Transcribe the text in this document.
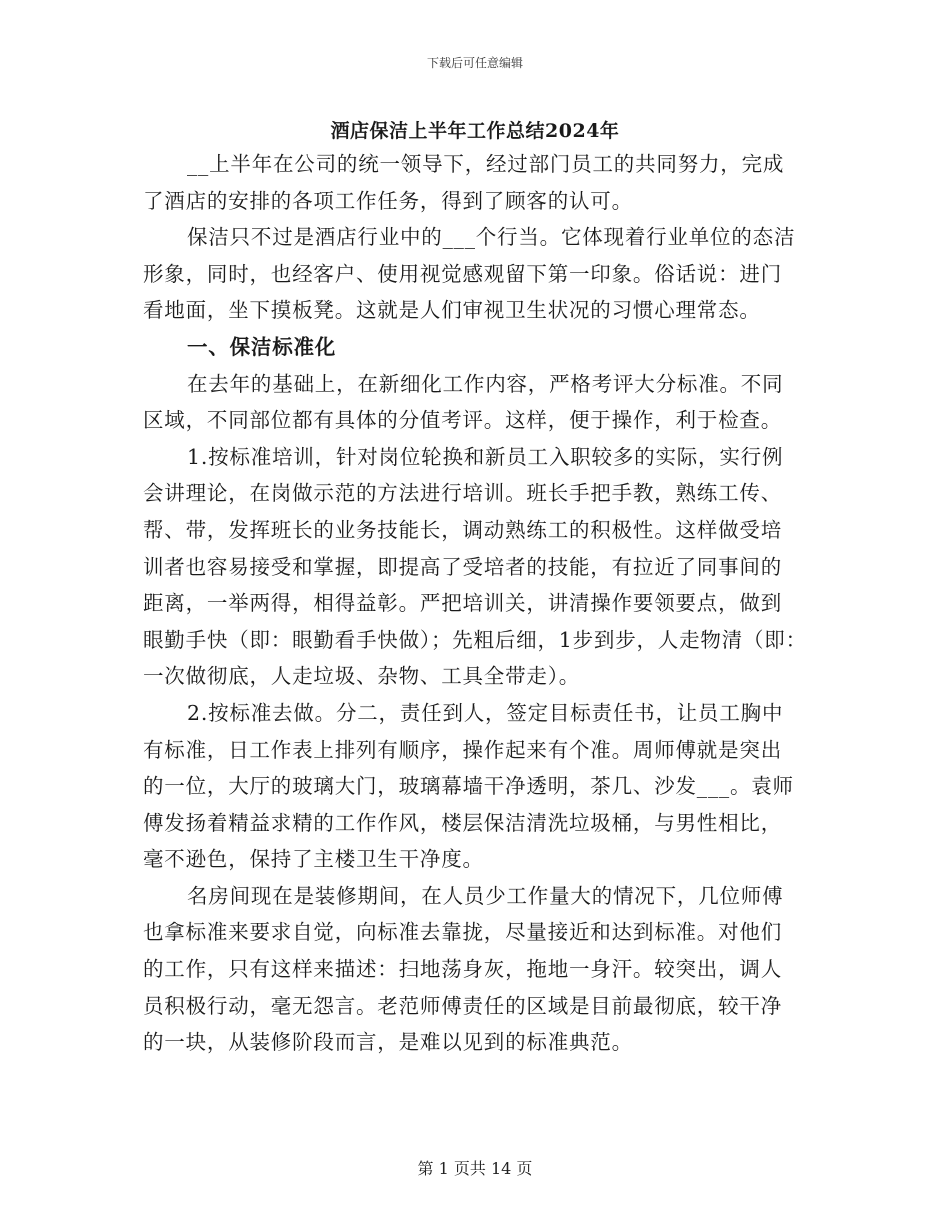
下载后可任意编辑
酒店保洁上半年工作总结2024年
__上半年在公司的统一领导下，经过部门员工的共同努力，完成
了酒店的安排的各项工作任务，得到了顾客的认可。
保洁只不过是酒店行业中的___个行当。它体现着行业单位的态洁
形象，同时，也经客户、使用视觉感观留下第一印象。俗话说：进门
看地面，坐下摸板凳。这就是人们审视卫生状况的习惯心理常态。
一、保洁标准化
在去年的基础上，在新细化工作内容，严格考评大分标准。不同
区域，不同部位都有具体的分值考评。这样，便于操作，利于检查。
1.按标准培训，针对岗位轮换和新员工入职较多的实际，实行例
会讲理论，在岗做示范的方法进行培训。班长手把手教，熟练工传、
帮、带，发挥班长的业务技能长，调动熟练工的积极性。这样做受培
训者也容易接受和掌握，即提高了受培者的技能，有拉近了同事间的
距离，一举两得，相得益彰。严把培训关，讲清操作要领要点，做到
眼勤手快（即：眼勤看手快做）；先粗后细，1步到步，人走物清（即：
一次做彻底，人走垃圾、杂物、工具全带走）。
2.按标准去做。分二，责任到人，签定目标责任书，让员工胸中
有标准，日工作表上排列有顺序，操作起来有个准。周师傅就是突出
的一位，大厅的玻璃大门，玻璃幕墙干净透明，茶几、沙发___。袁师
傅发扬着精益求精的工作作风，楼层保洁清洗垃圾桶，与男性相比，
毫不逊色，保持了主楼卫生干净度。
名房间现在是装修期间，在人员少工作量大的情况下，几位师傅
也拿标准来要求自觉，向标准去靠拢，尽量接近和达到标准。对他们
的工作，只有这样来描述：扫地荡身灰，拖地一身汗。较突出，调人
员积极行动，毫无怨言。老范师傅责任的区域是目前最彻底，较干净
的一块，从装修阶段而言，是难以见到的标准典范。
第 1 页共 14 页
